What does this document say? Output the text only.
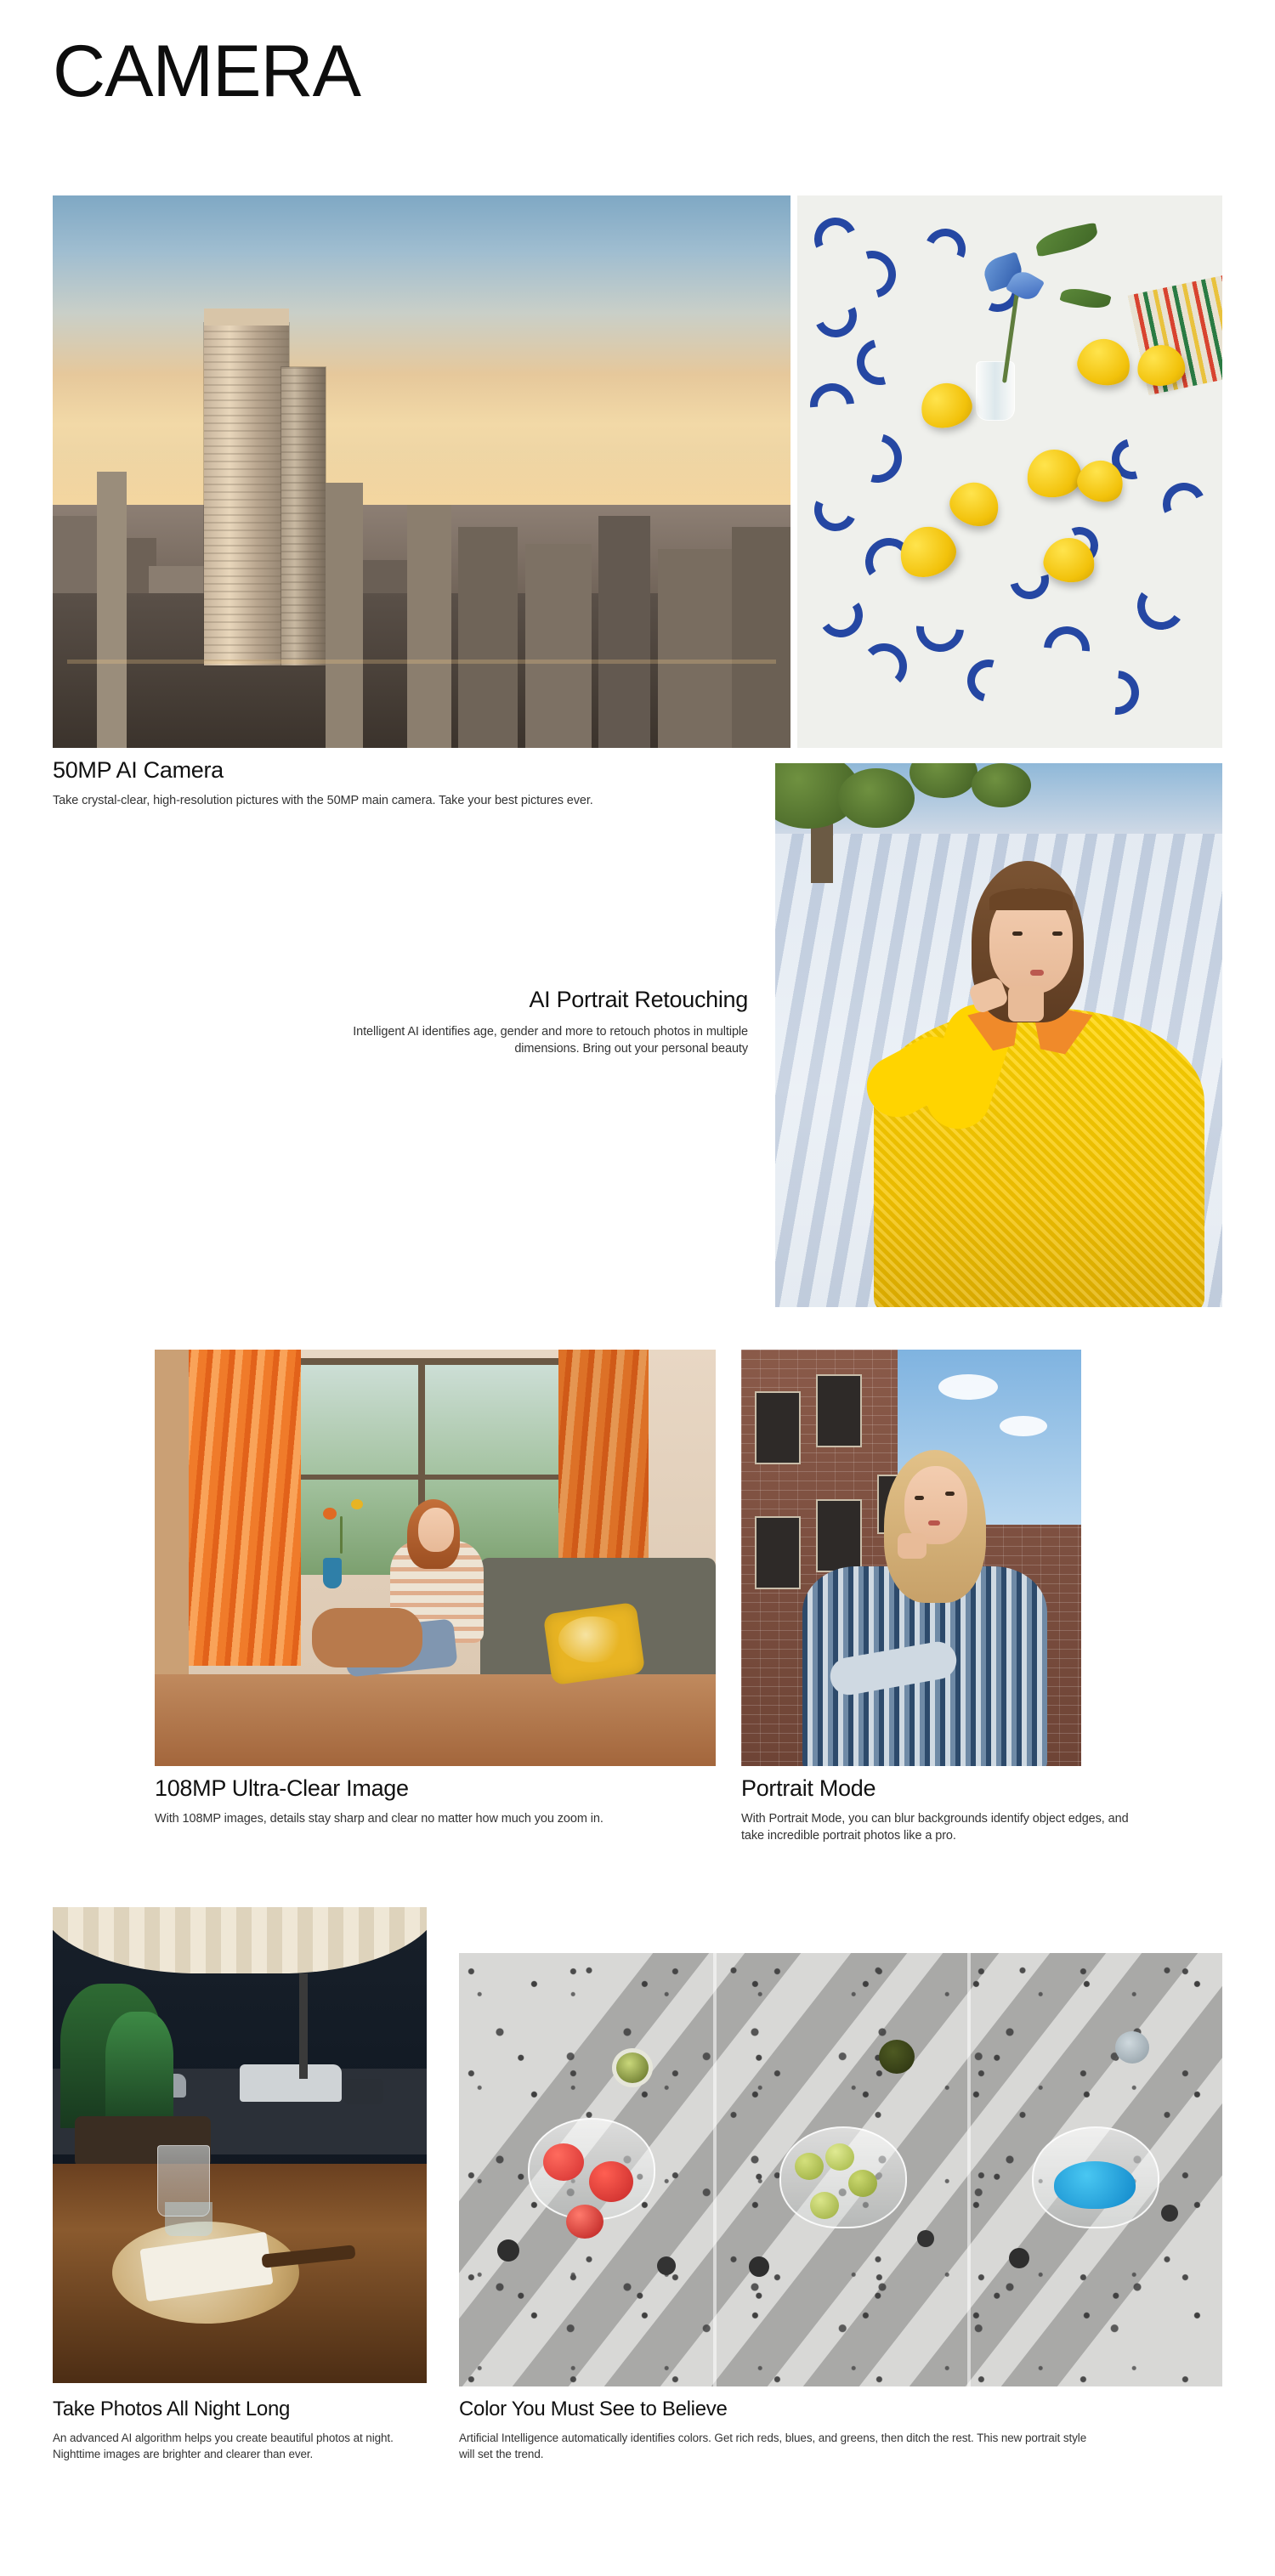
CAMERA
50MP AI Camera
Take crystal-clear, high-resolution pictures with the 50MP main camera. Take your best pictures ever.
AI Portrait Retouching
Intelligent AI identifies age, gender and more to retouch photos in multiple dimensions. Bring out your personal beauty
108MP Ultra-Clear Image
With 108MP images, details stay sharp and clear no matter how much you zoom in.
Portrait Mode
With Portrait Mode, you can blur backgrounds identify object edges, and take incredible portrait photos like a pro.
Take Photos All Night Long
An advanced AI algorithm helps you create beautiful photos at night. Nighttime images are brighter and clearer than ever.
Color You Must See to Believe
Artificial Intelligence automatically identifies colors. Get rich reds, blues, and greens, then ditch the rest. This new portrait style will set the trend.
